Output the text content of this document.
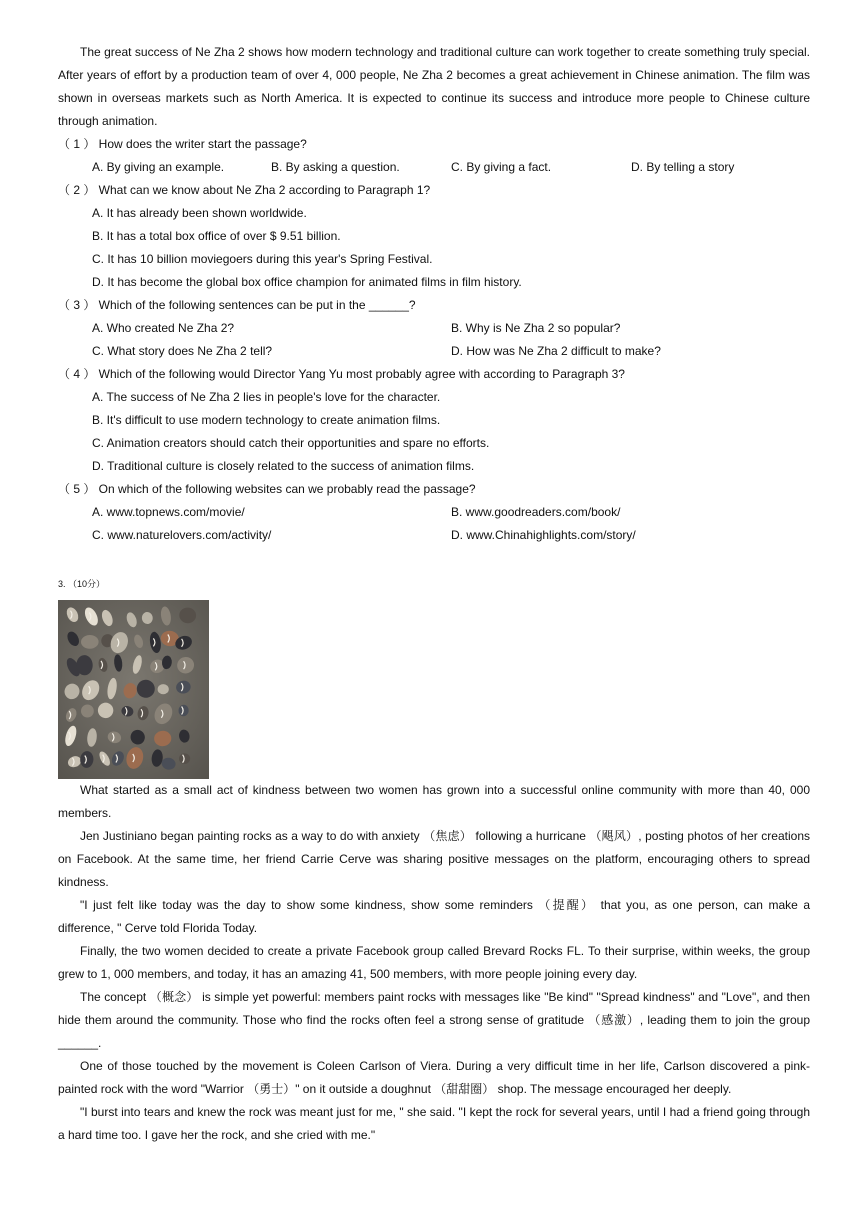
The great success of Ne Zha 2 shows how modern technology and traditional culture can work together to create something truly special. After years of effort by a production team of over 4, 000 people, Ne Zha 2 becomes a great achievement in Chinese animation. The film was shown in overseas markets such as North America. It is expected to continue its success and introduce more people to Chinese culture through animation.

（ 1 ） How does the writer start the passage?

A. By giving an example.	B. By asking a question.	C. By giving a fact.	D. By telling a story

（ 2 ） What can we know about Ne Zha 2 according to Paragraph 1?

A. It has already been shown worldwide.

B. It has a total box office of over $ 9.51 billion.

C. It has 10 billion moviegoers during this year's Spring Festival.

D. It has become the global box office champion for animated films in film history.

（ 3 ） Which of the following sentences can be put in the ______?

A. Who created Ne Zha 2?	B. Why is Ne Zha 2 so popular?

C. What story does Ne Zha 2 tell?	D. How was Ne Zha 2 difficult to make?

（ 4 ） Which of the following would Director Yang Yu most probably agree with according to Paragraph 3?

A. The success of Ne Zha 2 lies in people's love for the character.

B. It's difficult to use modern technology to create animation films.

C. Animation creators should catch their opportunities and spare no efforts.

D. Traditional culture is closely related to the success of animation films.

（ 5 ） On which of the following websites can we probably read the passage?

A. www.topnews.com/movie/	B. www.goodreaders.com/book/

C. www.naturelovers.com/activity/	D. www.Chinahighlights.com/story/

3. （10分）

What started as a small act of kindness between two women has grown into a successful online community with more than 40, 000 members.

Jen Justiniano began painting rocks as a way to do with anxiety （焦虑） following a hurricane （飓风）, posting photos of her creations on Facebook. At the same time, her friend Carrie Cerve was sharing positive messages on the platform, encouraging others to spread kindness.

"I just felt like today was the day to show some kindness, show some reminders （提醒） that you, as one person, can make a difference, " Cerve told Florida Today.

Finally, the two women decided to create a private Facebook group called Brevard Rocks FL. To their surprise, within weeks, the group grew to 1, 000 members, and today, it has an amazing 41, 500 members, with more people joining every day.

The concept （概念） is simple yet powerful: members paint rocks with messages like "Be kind" "Spread kindness" and "Love", and then hide them around the community. Those who find the rocks often feel a strong sense of gratitude （感激）, leading them to join the group ______.

One of those touched by the movement is Coleen Carlson of Viera. During a very difficult time in her life, Carlson discovered a pink-painted rock with the word "Warrior （勇士）" on it outside a doughnut （甜甜圈） shop. The message encouraged her deeply.

"I burst into tears and knew the rock was meant just for me, " she said. "I kept the rock for several years, until I had a friend going through a hard time too. I gave her the rock, and she cried with me."
